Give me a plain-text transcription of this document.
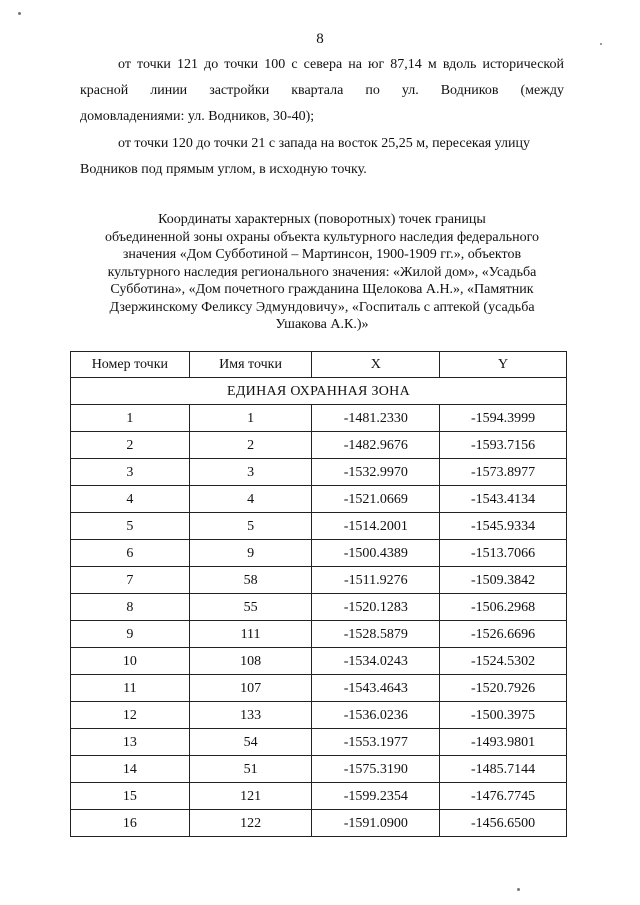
8
от точки 121 до точки 100 с севера на юг 87,14 м вдоль исторической
красной линии застройки квартала по ул. Водников (между
домовладениями: ул. Водников, 30-40);
от точки 120 до точки 21 с запада на восток 25,25 м, пересекая улицу
Водников под прямым углом, в исходную точку.
Координаты характерных (поворотных) точек границы
объединенной зоны охраны объекта культурного наследия федерального
значения «Дом Субботиной – Мартинсон, 1900-1909 гг.», объектов
культурного наследия регионального значения: «Жилой дом», «Усадьба
Субботина», «Дом почетного гражданина Щелокова А.Н.», «Памятник
Дзержинскому Феликсу Эдмундовичу», «Госпиталь с аптекой (усадьба
Ушакова А.К.)»
Номер точки	Имя точки	X	Y
ЕДИНАЯ ОХРАННАЯ ЗОНА			
1	1	-1481.2330	-1594.3999
2	2	-1482.9676	-1593.7156
3	3	-1532.9970	-1573.8977
4	4	-1521.0669	-1543.4134
5	5	-1514.2001	-1545.9334
6	9	-1500.4389	-1513.7066
7	58	-1511.9276	-1509.3842
8	55	-1520.1283	-1506.2968
9	111	-1528.5879	-1526.6696
10	108	-1534.0243	-1524.5302
11	107	-1543.4643	-1520.7926
12	133	-1536.0236	-1500.3975
13	54	-1553.1977	-1493.9801
14	51	-1575.3190	-1485.7144
15	121	-1599.2354	-1476.7745
16	122	-1591.0900	-1456.6500
